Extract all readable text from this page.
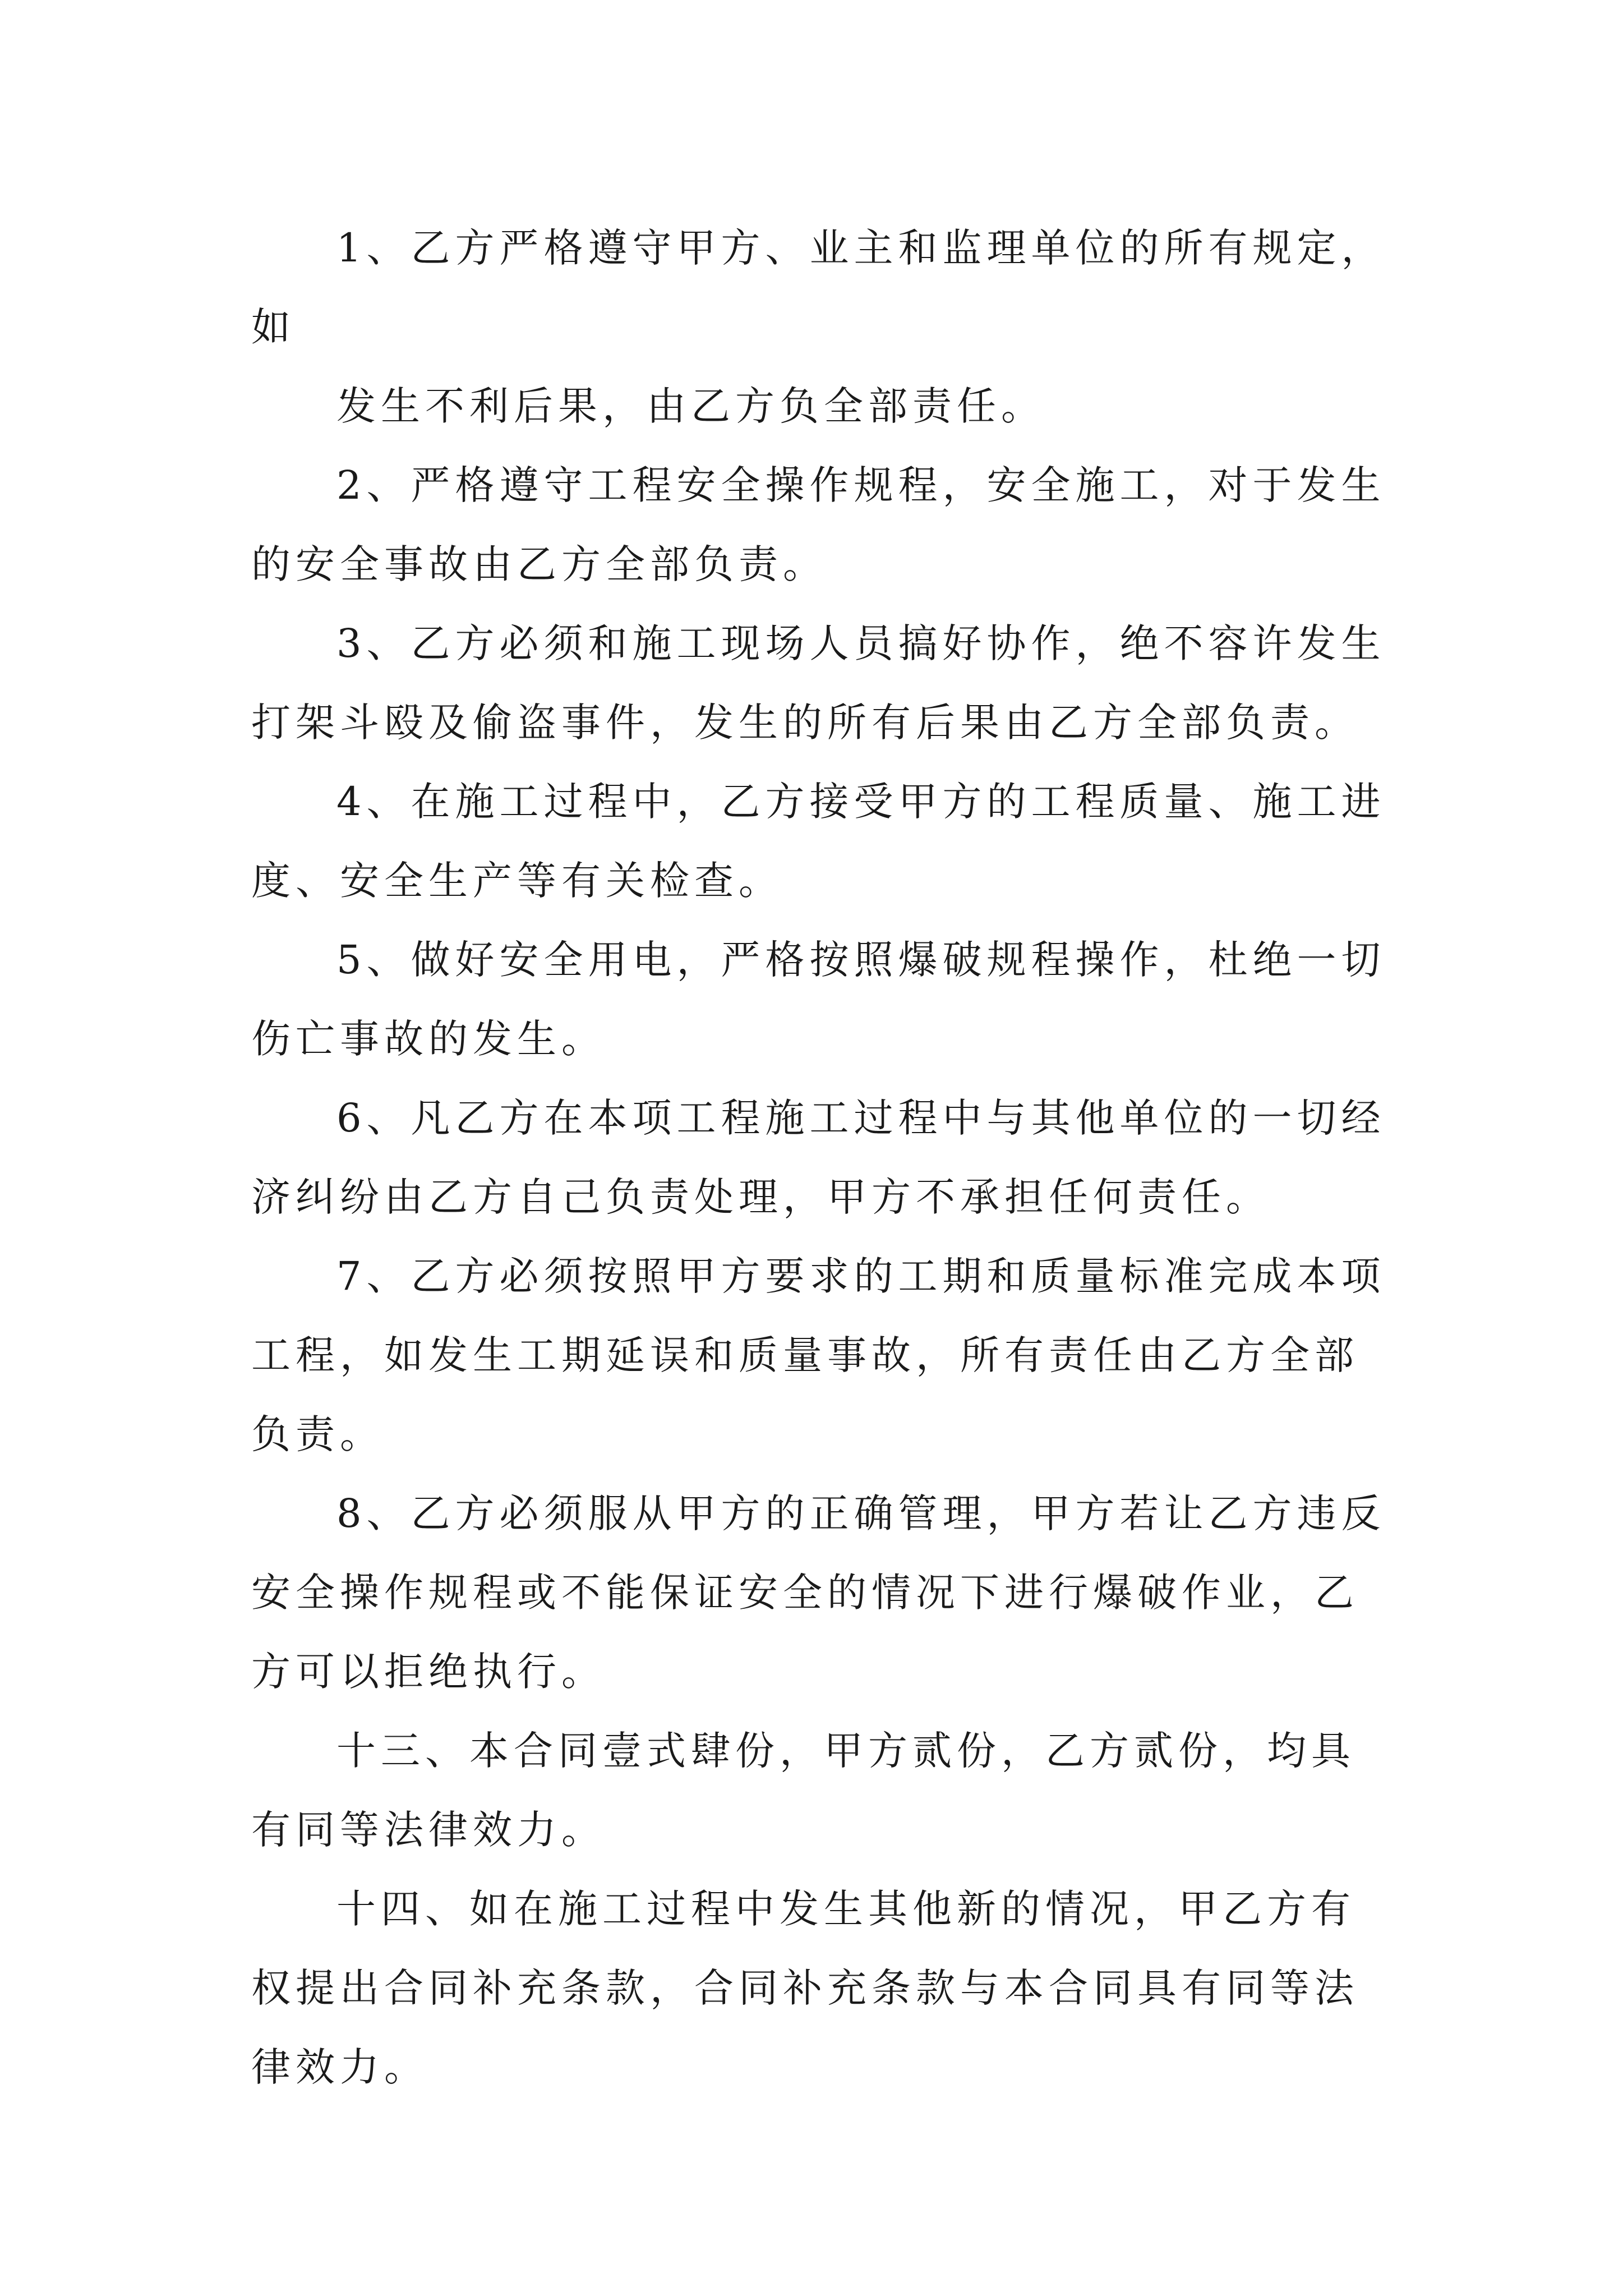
1、乙方严格遵守甲方、业主和监理单位的所有规定，如

发生不利后果，由乙方负全部责任。

2、严格遵守工程安全操作规程，安全施工，对于发生的安全事故由乙方全部负责。

3、乙方必须和施工现场人员搞好协作，绝不容许发生打架斗殴及偷盗事件，发生的所有后果由乙方全部负责。

4、在施工过程中，乙方接受甲方的工程质量、施工进度、安全生产等有关检查。

5、做好安全用电，严格按照爆破规程操作，杜绝一切伤亡事故的发生。

6、凡乙方在本项工程施工过程中与其他单位的一切经济纠纷由乙方自己负责处理，甲方不承担任何责任。

7、乙方必须按照甲方要求的工期和质量标准完成本项工程，如发生工期延误和质量事故，所有责任由乙方全部负责。

8、乙方必须服从甲方的正确管理，甲方若让乙方违反安全操作规程或不能保证安全的情况下进行爆破作业，乙方可以拒绝执行。

十三、本合同壹式肆份，甲方贰份，乙方贰份，均具有同等法律效力。

十四、如在施工过程中发生其他新的情况，甲乙方有权提出合同补充条款，合同补充条款与本合同具有同等法律效力。
